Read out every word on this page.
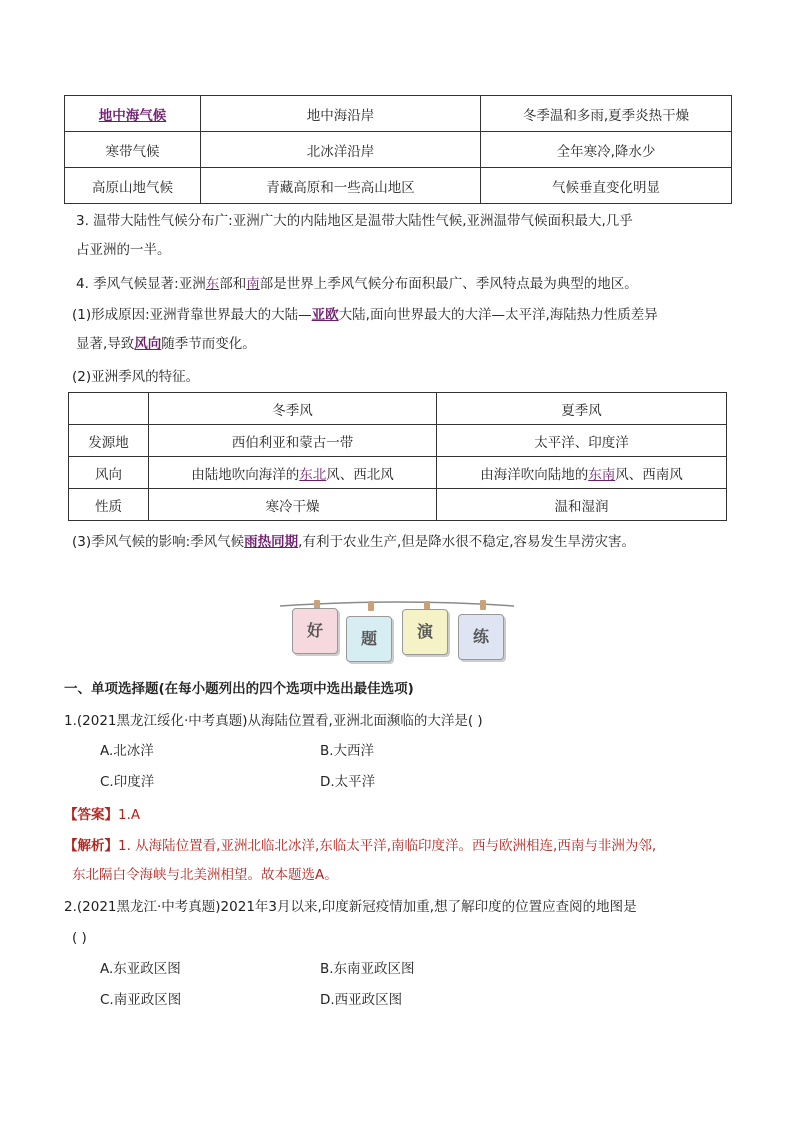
地中海气候	地中海沿岸	冬季温和多雨,夏季炎热干燥
寒带气候	北冰洋沿岸	全年寒冷,降水少
高原山地气候	青藏高原和一些高山地区	气候垂直变化明显
3. 温带大陆性气候分布广:亚洲广大的内陆地区是温带大陆性气候,亚洲温带气候面积最大,几乎
占亚洲的一半。
4. 季风气候显著:亚洲东部和南部是世界上季风气候分布面积最广、季风特点最为典型的地区。
(1)形成原因:亚洲背靠世界最大的大陆—亚欧大陆,面向世界最大的大洋—太平洋,海陆热力性质差异
显著,导致风向随季节而变化。
(2)亚洲季风的特征。
	冬季风	夏季风
发源地	西伯利亚和蒙古一带	太平洋、印度洋
风向	由陆地吹向海洋的东北风、西北风	由海洋吹向陆地的东南风、西南风
性质	寒冷干燥	温和湿润
(3)季风气候的影响:季风气候雨热同期,有利于农业生产,但是降水很不稳定,容易发生旱涝灾害。
好	题	演	练
一、单项选择题(在每小题列出的四个选项中选出最佳选项)
1.(2021黑龙江绥化·中考真题)从海陆位置看,亚洲北面濒临的大洋是( )
A.北冰洋	B.大西洋
C.印度洋	D.太平洋
【答案】1.A
【解析】1. 从海陆位置看,亚洲北临北冰洋,东临太平洋,南临印度洋。西与欧洲相连,西南与非洲为邻,
东北隔白令海峡与北美洲相望。故本题选A。
2.(2021黑龙江·中考真题)2021年3月以来,印度新冠疫情加重,想了解印度的位置应查阅的地图是
( )
A.东亚政区图	B.东南亚政区图
C.南亚政区图	D.西亚政区图
